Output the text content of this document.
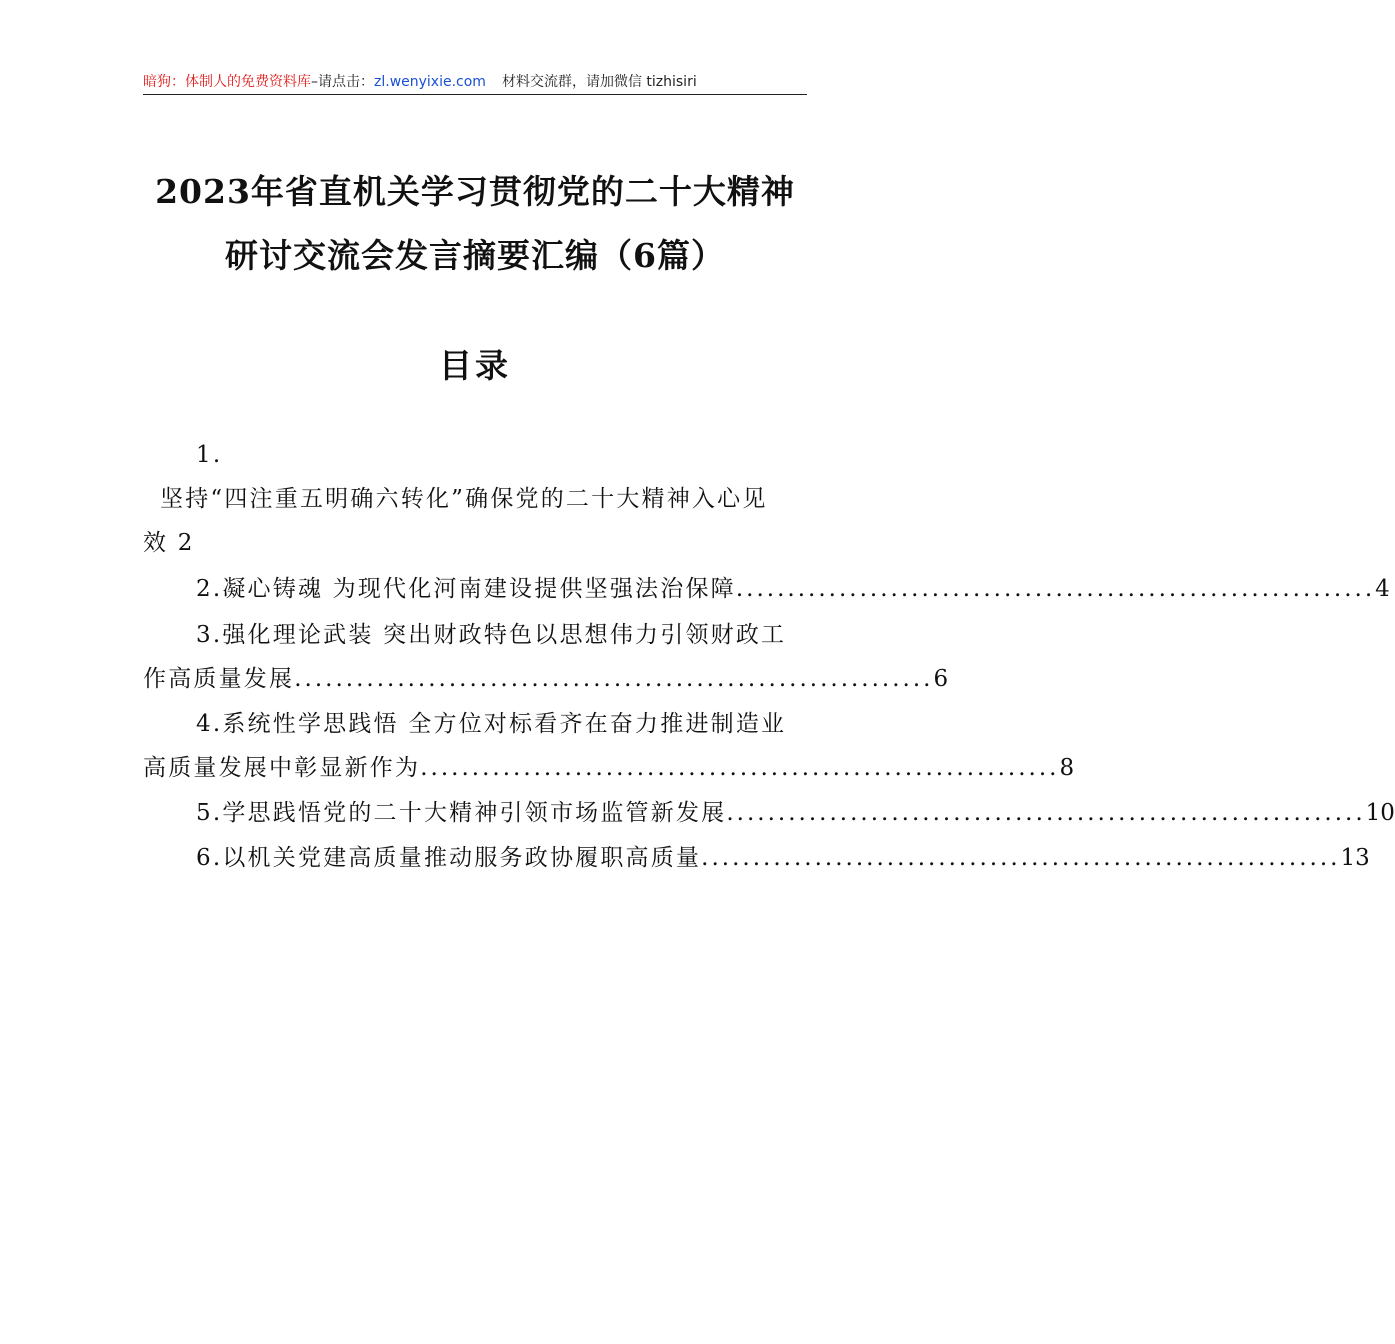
暗狗：体制人的免费资料库 –请点击： zl.wenyixie.com 材料交流群，请加微信 tizhisiri
2023年省直机关学习贯彻党的二十大精神
研讨交流会发言摘要汇编（6篇）
目录
1.
坚持“四注重五明确六转化”确保党的二十大精神入心见
效 2
2.凝心铸魂 为现代化河南建设提供坚强法治保障 .............................................................. 4
3.强化理论武装 突出财政特色以思想伟力引领财政工
作高质量发展 .............................................................. 6
4.系统性学思践悟 全方位对标看齐在奋力推进制造业
高质量发展中彰显新作为 .............................................................. 8
5.学思践悟党的二十大精神引领市场监管新发展 .............................................................. 10
6.以机关党建高质量推动服务政协履职高质量 .............................................................. 13
